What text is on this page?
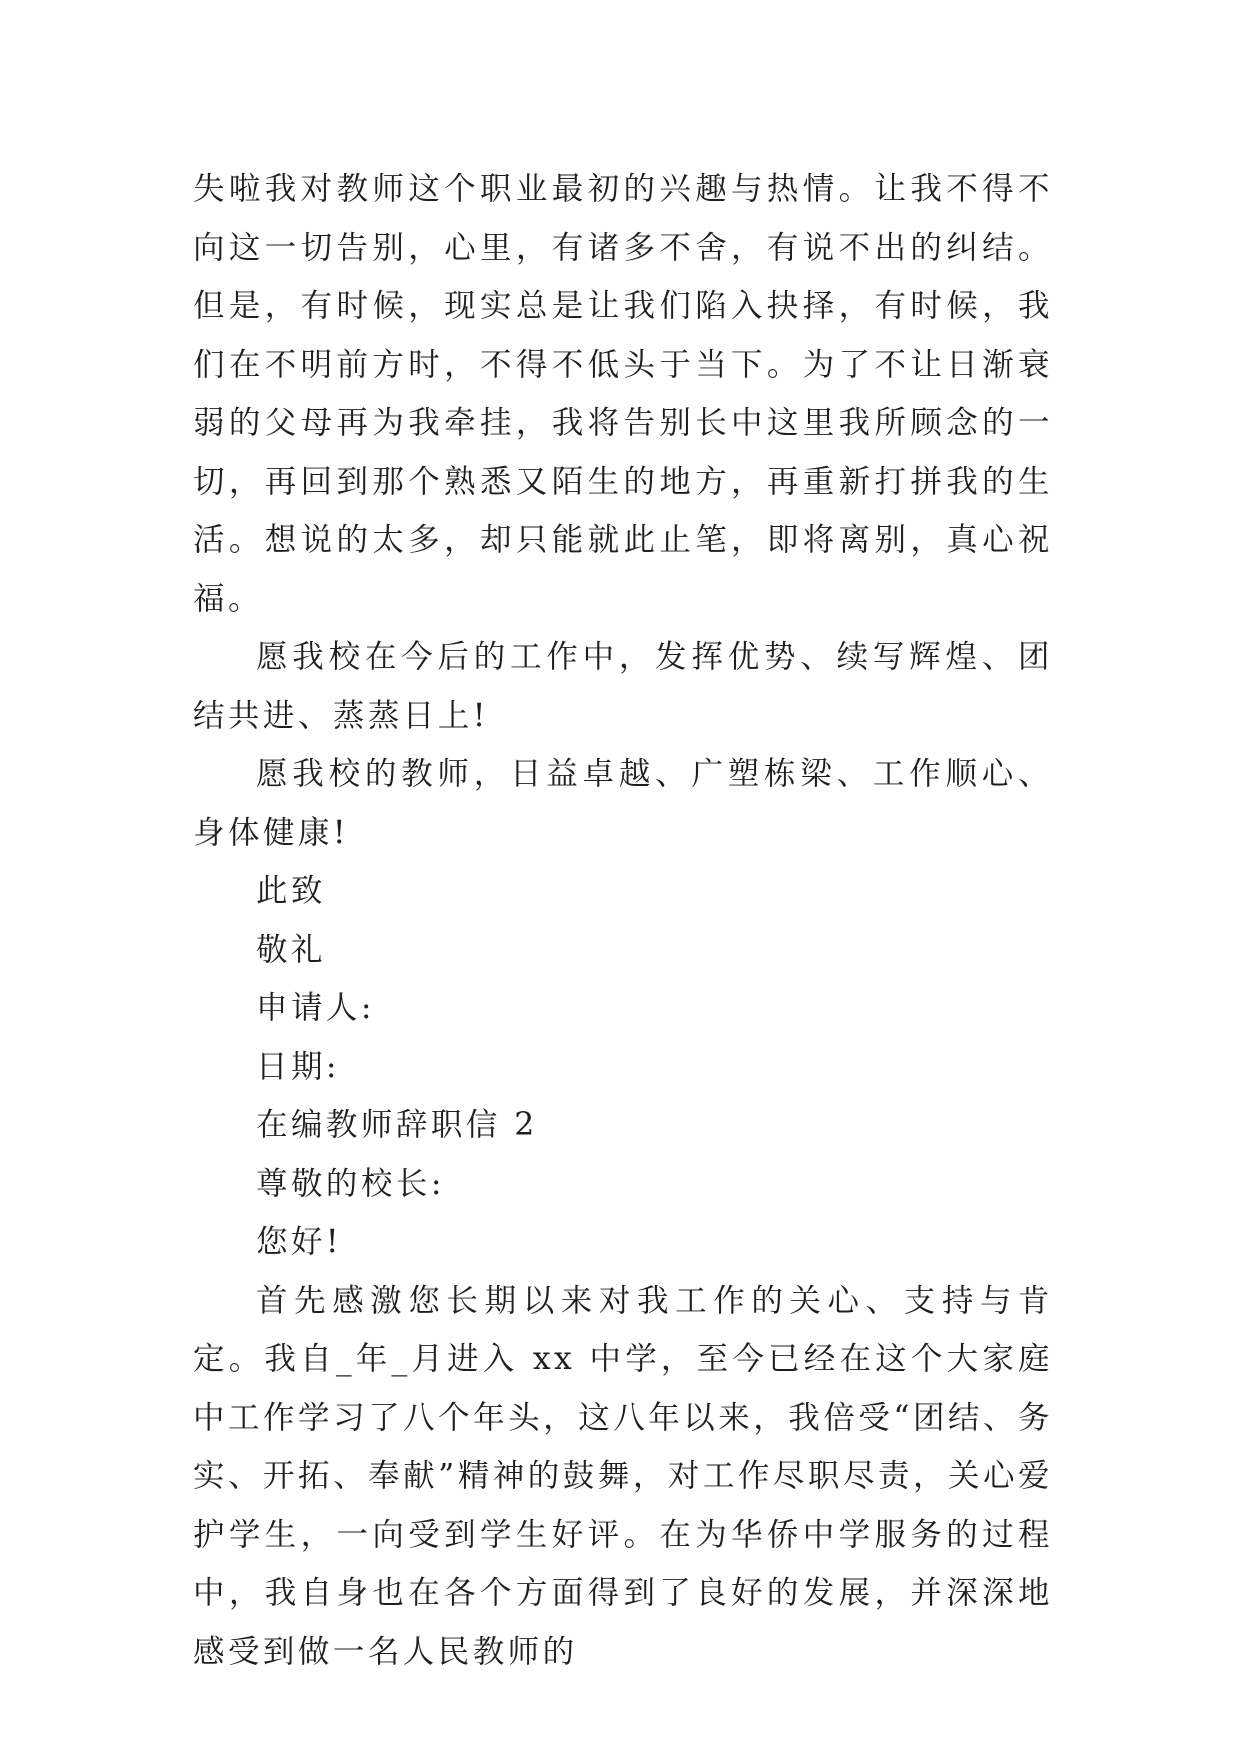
失啦我对教师这个职业最初的兴趣与热情。让我不得不向这一切告别，心里，有诸多不舍，有说不出的纠结。但是，有时候，现实总是让我们陷入抉择，有时候，我们在不明前方时，不得不低头于当下。为了不让日渐衰弱的父母再为我牵挂，我将告别长中这里我所顾念的一切，再回到那个熟悉又陌生的地方，再重新打拼我的生活。想说的太多，却只能就此止笔，即将离别，真心祝福。

愿我校在今后的工作中，发挥优势、续写辉煌、团结共进、蒸蒸日上!

愿我校的教师，日益卓越、广塑栋梁、工作顺心、身体健康!

此致

敬礼

申请人:

日期:

在编教师辞职信 2

尊敬的校长:

您好!

首先感激您长期以来对我工作的关心、支持与肯定。我自_年_月进入 xx 中学，至今已经在这个大家庭中工作学习了八个年头，这八年以来，我倍受“团结、务实、开拓、奉献”精神的鼓舞，对工作尽职尽责，关心爱护学生，一向受到学生好评。在为华侨中学服务的过程中，我自身也在各个方面得到了良好的发展，并深深地感受到做一名人民教师的
